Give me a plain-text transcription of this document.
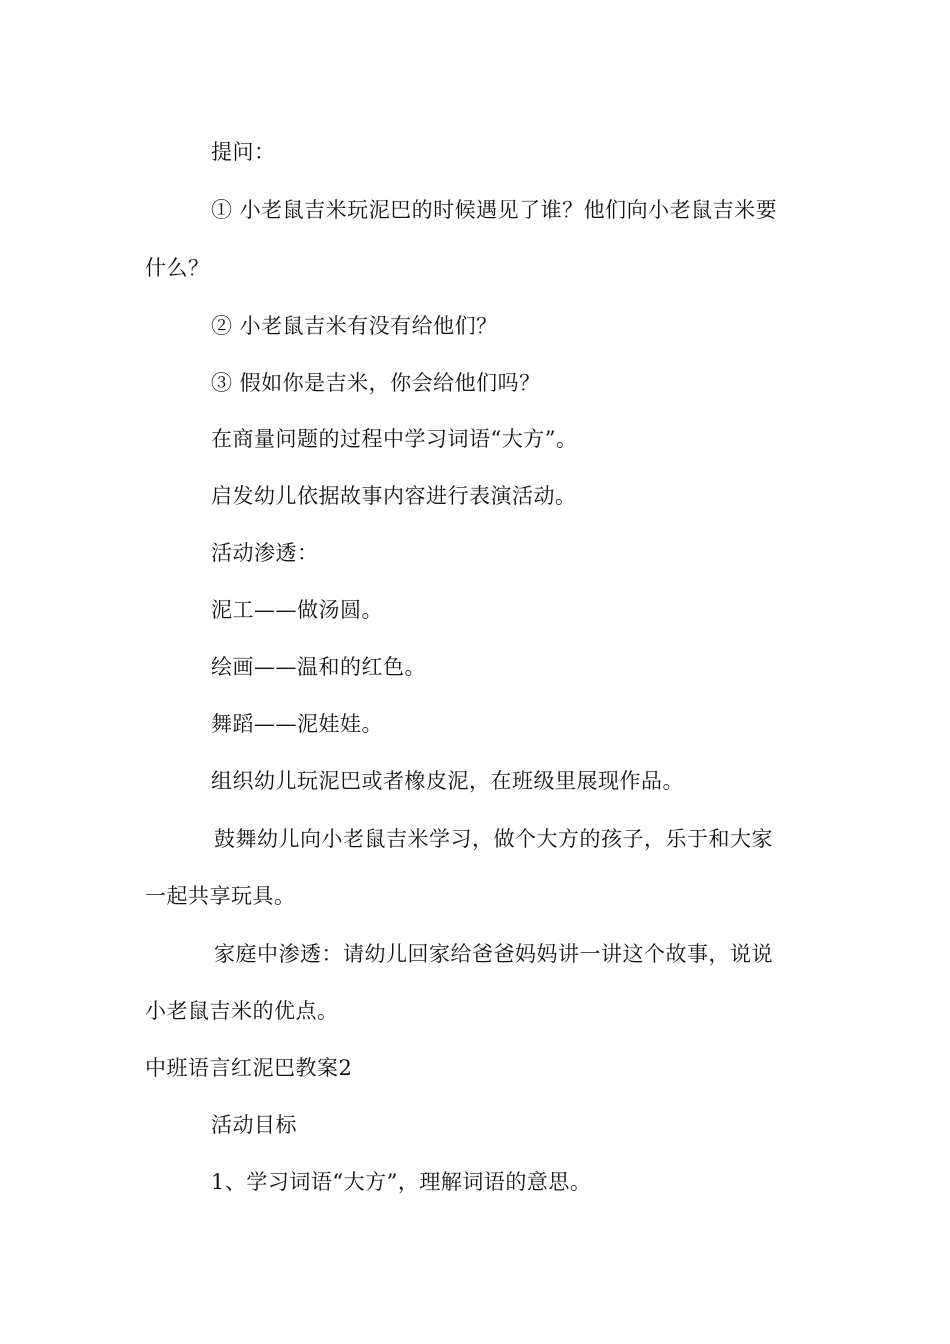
提问：
① 小老鼠吉米玩泥巴的时候遇见了谁？他们向小老鼠吉米要
什么？
② 小老鼠吉米有没有给他们？
③ 假如你是吉米，你会给他们吗？
在商量问题的过程中学习词语“大方”。
启发幼儿依据故事内容进行表演活动。
活动渗透：
泥工——做汤圆。
绘画——温和的红色。
舞蹈——泥娃娃。
组织幼儿玩泥巴或者橡皮泥，在班级里展现作品。
鼓舞幼儿向小老鼠吉米学习，做个大方的孩子，乐于和大家
一起共享玩具。
家庭中渗透：请幼儿回家给爸爸妈妈讲一讲这个故事，说说
小老鼠吉米的优点。
中班语言红泥巴教案2
活动目标
1、学习词语“大方”，理解词语的意思。
